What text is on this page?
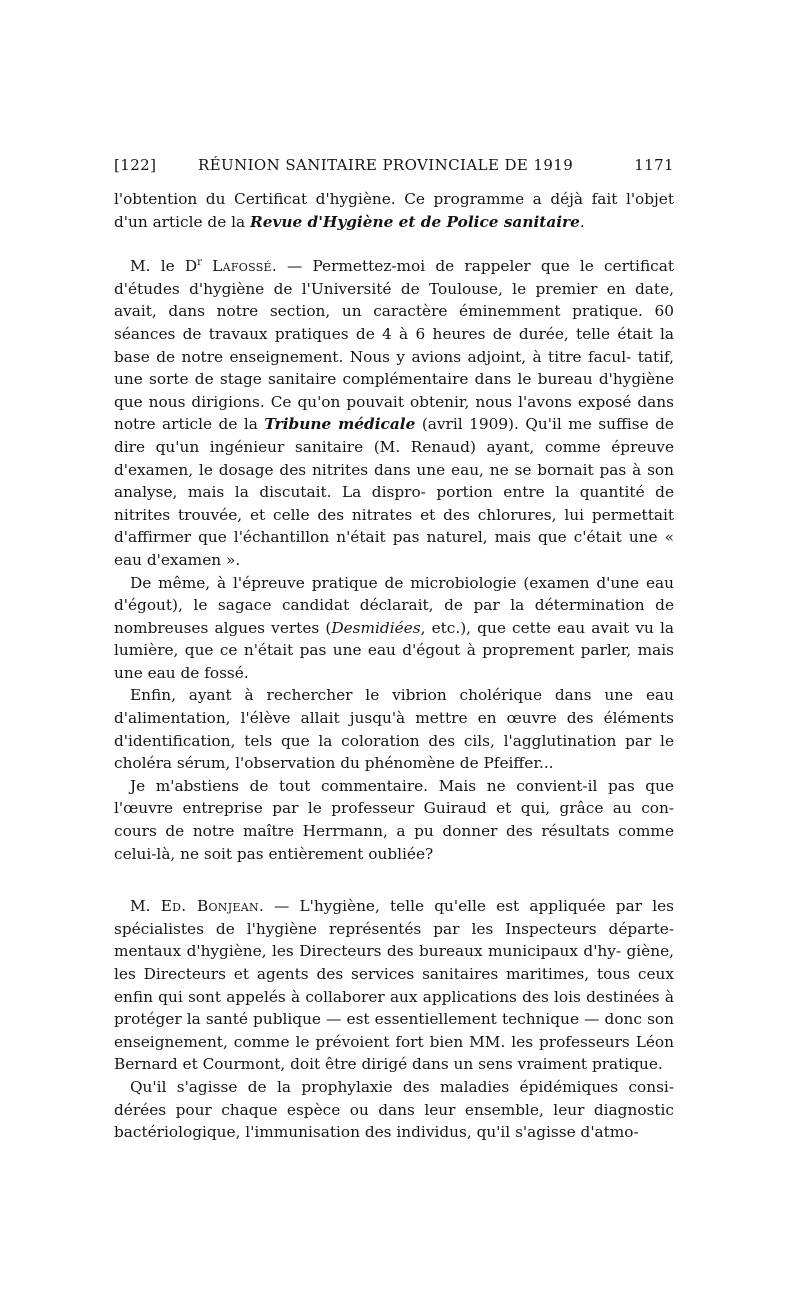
[122]	RÉUNION SANITAIRE PROVINCIALE DE 1919	1171

l'obtention du Certificat d'hygiène. Ce programme a déjà fait l'objet d'un article de la Revue d'Hygiène et de Police sanitaire.

M. le $D^r$ Lafossé. — Permettez-moi de rappeler que le certificat d'études d'hygiène de l'Université de Toulouse, le premier en date, avait, dans notre section, un caractère éminemment pratique. 60 séances de travaux pratiques de 4 à 6 heures de durée, telle était la base de notre enseignement. Nous y avions adjoint, à titre facul- tatif, une sorte de stage sanitaire complémentaire dans le bureau d'hygiène que nous dirigions. Ce qu'on pouvait obtenir, nous l'avons exposé dans notre article de la Tribune médicale (avril 1909). Qu'il me suffise de dire qu'un ingénieur sanitaire (M. Renaud) ayant, comme épreuve d'examen, le dosage des nitrites dans une eau, ne se bornait pas à son analyse, mais la discutait. La dispro- portion entre la quantité de nitrites trouvée, et celle des nitrates et des chlorures, lui permettait d'affirmer que l'échantillon n'était pas naturel, mais que c'était une « eau d'examen ».

De même, à l'épreuve pratique de microbiologie (examen d'une eau d'égout), le sagace candidat déclarait, de par la détermination de nombreuses algues vertes (Desmidiées, etc.), que cette eau avait vu la lumière, que ce n'était pas une eau d'égout à proprement parler, mais une eau de fossé.

Enfin, ayant à rechercher le vibrion cholérique dans une eau d'alimentation, l'élève allait jusqu'à mettre en œuvre des éléments d'identification, tels que la coloration des cils, l'agglutination par le choléra sérum, l'observation du phénomène de Pfeiffer...

Je m'abstiens de tout commentaire. Mais ne convient-il pas que l'œuvre entreprise par le professeur Guiraud et qui, grâce au con- cours de notre maître Herrmann, a pu donner des résultats comme celui-là, ne soit pas entièrement oubliée?

M. Ed. Bonjean. — L'hygiène, telle qu'elle est appliquée par les spécialistes de l'hygiène représentés par les Inspecteurs départe- mentaux d'hygiène, les Directeurs des bureaux municipaux d'hy- giène, les Directeurs et agents des services sanitaires maritimes, tous ceux enfin qui sont appelés à collaborer aux applications des lois destinées à protéger la santé publique — est essentiellement technique — donc son enseignement, comme le prévoient fort bien MM. les professeurs Léon Bernard et Courmont, doit être dirigé dans un sens vraiment pratique.

Qu'il s'agisse de la prophylaxie des maladies épidémiques consi- dérées pour chaque espèce ou dans leur ensemble, leur diagnostic bactériologique, l'immunisation des individus, qu'il s'agisse d'atmo-
